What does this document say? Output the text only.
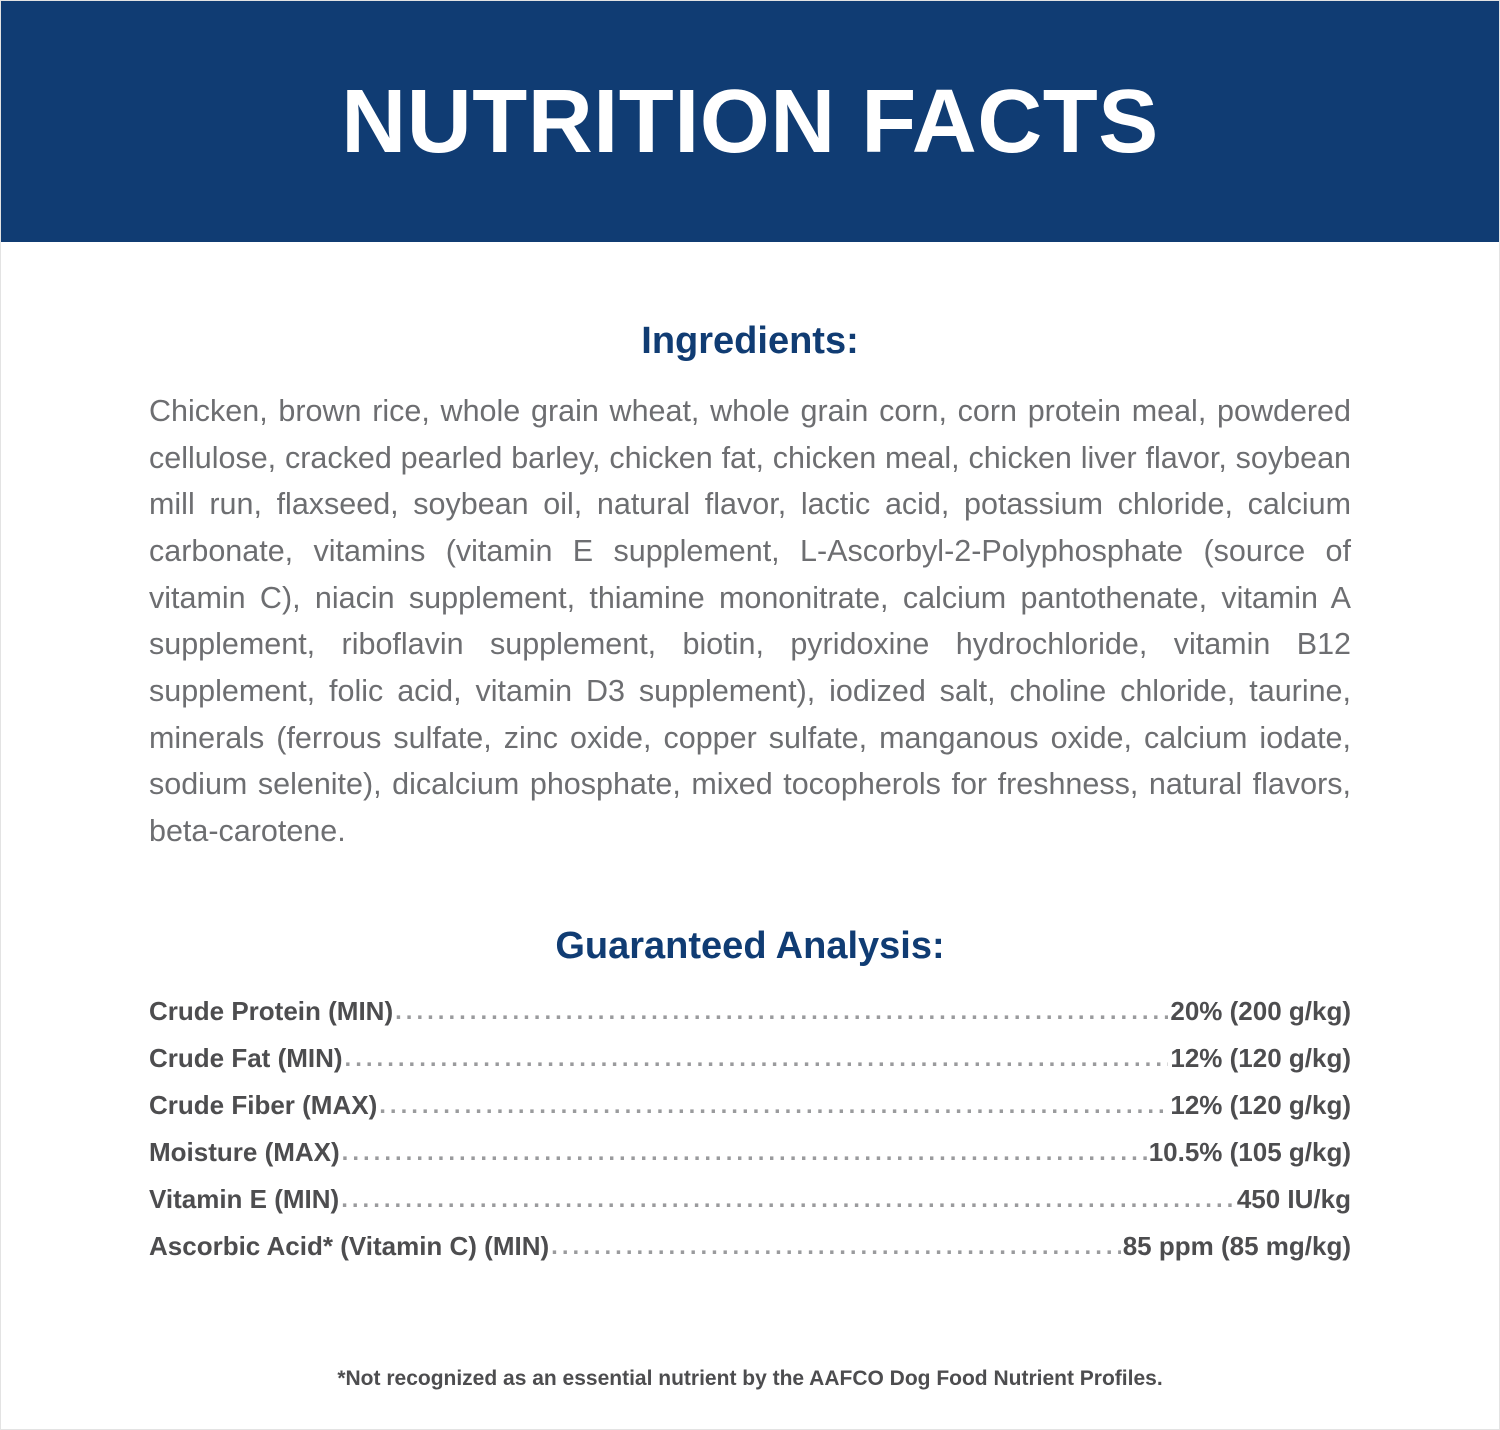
NUTRITION FACTS
Ingredients:

Chicken, brown rice, whole grain wheat, whole grain corn, corn protein meal, powdered cellulose, cracked pearled barley, chicken fat, chicken meal, chicken liver flavor, soybean mill run, flaxseed, soybean oil, natural flavor, lactic acid, potassium chloride, calcium carbonate, vitamins (vitamin E supplement, L-Ascorbyl-2-Polyphosphate (source of vitamin C), niacin supplement, thiamine mononitrate, calcium pantothenate, vitamin A supplement, riboflavin supplement, biotin, pyridoxine hydrochloride, vitamin B12 supplement, folic acid, vitamin D3 supplement), iodized salt, choline chloride, taurine, minerals (ferrous sulfate, zinc oxide, copper sulfate, manganous oxide, calcium iodate, sodium selenite), dicalcium phosphate, mixed tocopherols for freshness, natural flavors, beta-carotene.

Guaranteed Analysis:
Crude Protein (MIN) .....	20% (200 g/kg)
Crude Fat (MIN) .....	12% (120 g/kg)
Crude Fiber (MAX) .....	12% (120 g/kg)
Moisture (MAX) .....	10.5% (105 g/kg)
Vitamin E (MIN) .....	450 IU/kg
Ascorbic Acid* (Vitamin C) (MIN) .....	85 ppm (85 mg/kg)
*Not recognized as an essential nutrient by the AAFCO Dog Food Nutrient Profiles.
